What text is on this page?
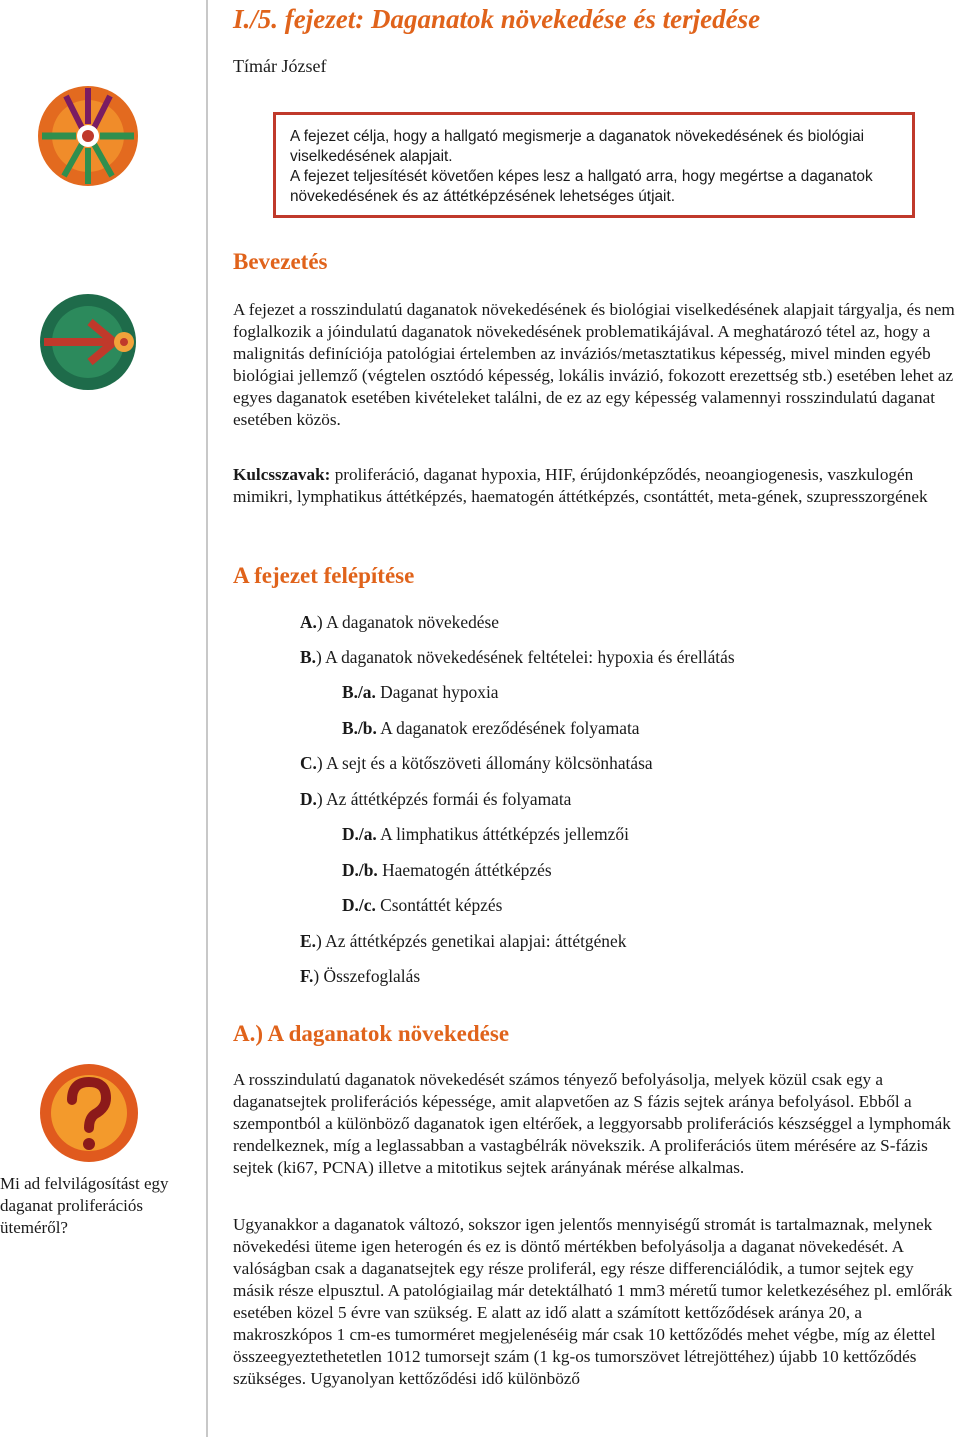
I./5. fejezet: Daganatok növekedése és terjedése
Tímár József

A fejezet célja, hogy a hallgató megismerje a daganatok növekedésének és biológiai viselkedésének alapjait.

A fejezet teljesítését követően képes lesz a hallgató arra, hogy megértse a daganatok növekedésének és az áttétképzésének lehetséges útjait.

Bevezetés

A fejezet a rosszindulatú daganatok növekedésének és biológiai viselkedésének alapjait tárgyalja, és nem foglalkozik a jóindulatú daganatok növekedésének problematikájával. A meghatározó tétel az, hogy a malignitás definíciója patológiai értelemben az inváziós/metasztatikus képesség, mivel minden egyéb biológiai jellemző (végtelen osztódó képesség, lokális invázió, fokozott erezettség stb.) esetében lehet az egyes daganatok esetében kivételeket találni, de ez az egy képesség valamennyi rosszindulatú daganat esetében közös.

Kulcsszavak: proliferáció, daganat hypoxia, HIF, érújdonképződés, neoangiogenesis, vaszkulogén mimikri, lymphatikus áttétképzés, haematogén áttétképzés, csontáttét, meta-gének, szupresszorgének

A fejezet felépítése
A.) A daganatok növekedése
B.) A daganatok növekedésének feltételei: hypoxia és érellátás
B./a. Daganat hypoxia
B./b. A daganatok ereződésének folyamata
C.) A sejt és a kötőszöveti állomány kölcsönhatása
D.) Az áttétképzés formái és folyamata
D./a. A limphatikus áttétképzés jellemzői
D./b. Haematogén áttétképzés
D./c. Csontáttét képzés
E.) Az áttétképzés genetikai alapjai: áttétgének
F.) Összefoglalás
A.) A daganatok növekedése
Mi ad felvilágosítást egy daganat proliferációs üteméről?

A rosszindulatú daganatok növekedését számos tényező befolyásolja, melyek közül csak egy a daganatsejtek proliferációs képessége, amit alapvetően az S fázis sejtek aránya befolyásol. Ebből a szempontból a különböző daganatok igen eltérőek, a leggyorsabb proliferációs készséggel a lymphomák rendelkeznek, míg a leglassabban a vastagbélrák növekszik. A proliferációs ütem mérésére az S-fázis sejtek (ki67, PCNA) illetve a mitotikus sejtek arányának mérése alkalmas.

Ugyanakkor a daganatok változó, sokszor igen jelentős mennyiségű stromát is tartalmaznak, melynek növekedési üteme igen heterogén és ez is döntő mértékben befolyásolja a daganat növekedését. A valóságban csak a daganatsejtek egy része proliferál, egy része differenciálódik, a tumor sejtek egy másik része elpusztul. A patológiailag már detektálható 1 mm3 méretű tumor keletkezéséhez pl. emlőrák esetében közel 5 évre van szükség. E alatt az idő alatt a számított kettőződések aránya 20, a makroszkópos 1 cm-es tumorméret megjelenéséig már csak 10 kettőződés mehet végbe, míg az élettel összeegyeztethetetlen 1012 tumorsejt szám (1 kg-os tumorszövet létrejöttéhez) újabb 10 kettőződés szükséges. Ugyanolyan kettőződési idő különböző
